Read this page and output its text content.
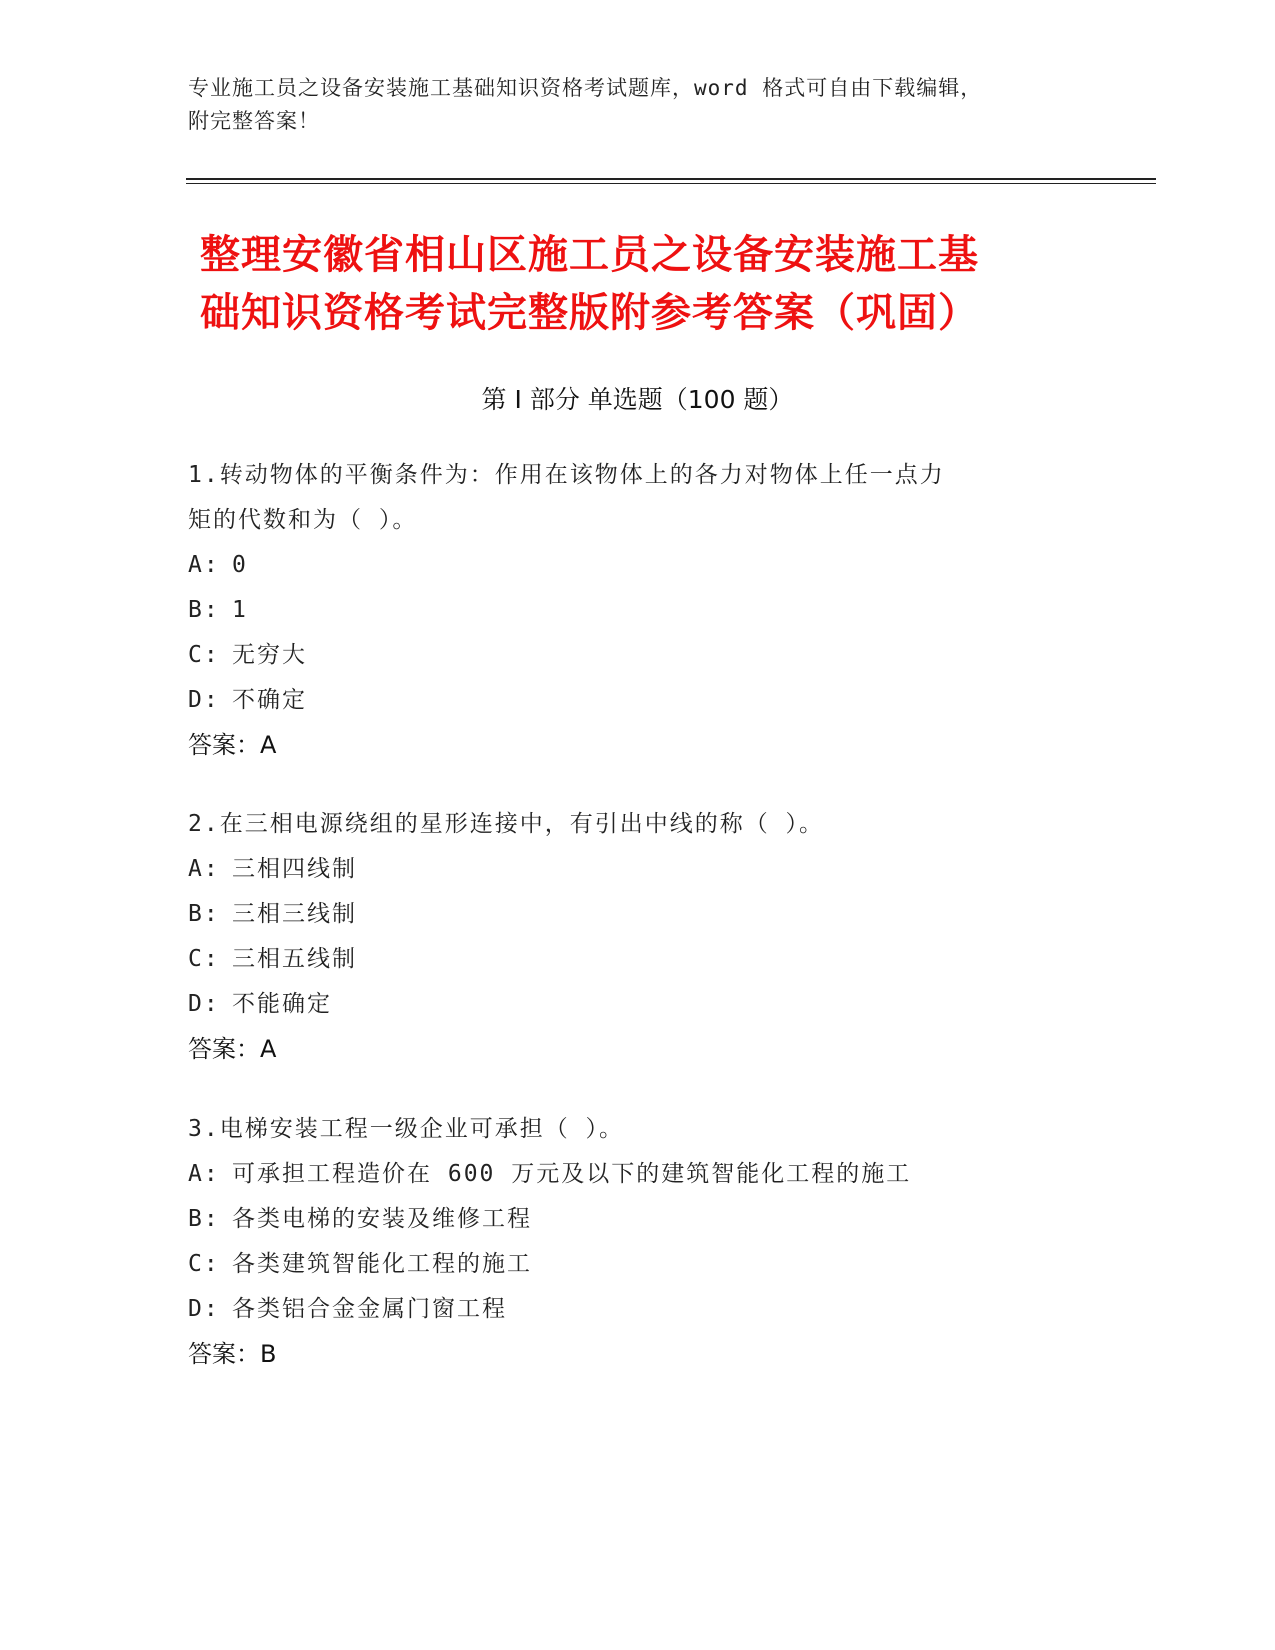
专业施工员之设备安装施工基础知识资格考试题库，word 格式可自由下载编辑，
附完整答案！
整理安徽省相山区施工员之设备安装施工基
础知识资格考试完整版附参考答案（巩固）
第 I 部分 单选题（100 题）
1.转动物体的平衡条件为：作用在该物体上的各力对物体上任一点力
矩的代数和为（ ）。
A: 0
B: 1
C: 无穷大
D: 不确定
答案：A
2.在三相电源绕组的星形连接中，有引出中线的称（ ）。
A: 三相四线制
B: 三相三线制
C: 三相五线制
D: 不能确定
答案：A
3.电梯安装工程一级企业可承担（ ）。
A: 可承担工程造价在 600 万元及以下的建筑智能化工程的施工
B: 各类电梯的安装及维修工程
C: 各类建筑智能化工程的施工
D: 各类铝合金金属门窗工程
答案：B
